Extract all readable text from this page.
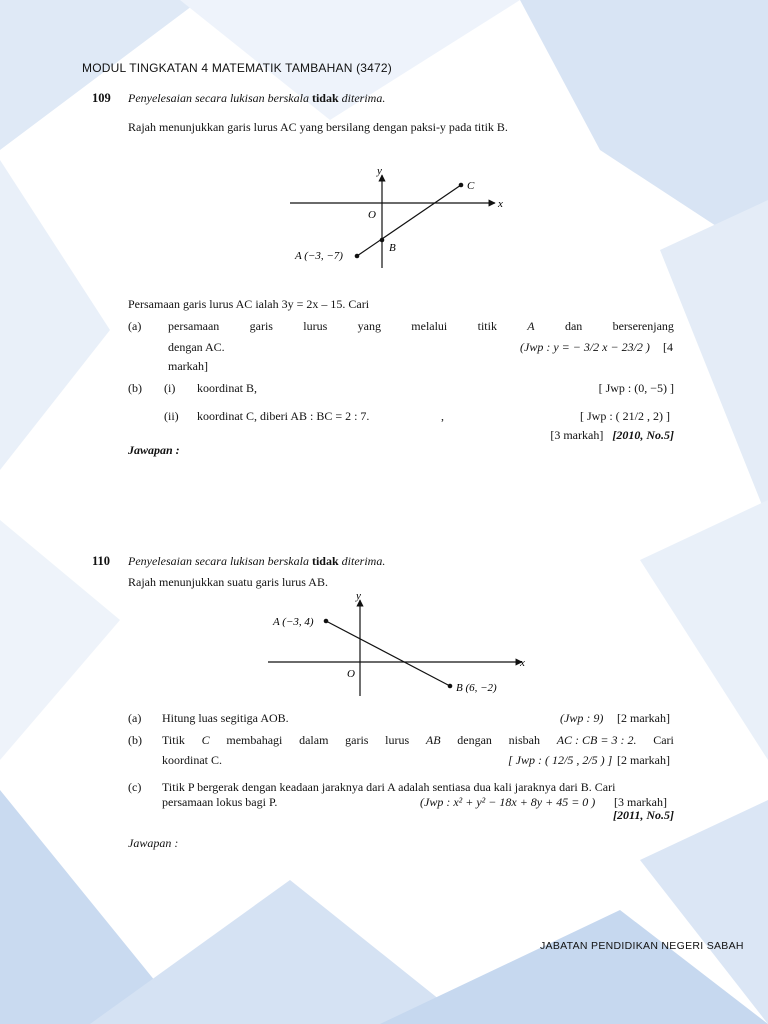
MODUL TINGKATAN 4 MATEMATIK TAMBAHAN (3472)
JABATAN PENDIDIKAN NEGERI SABAH
109 Penyelesaian secara lukisan berskala tidak diterima.
Rajah menunjukkan garis lurus AC yang bersilang dengan paksi-y pada titik B.
y
x
O
C
B
A (−3, −7)
Persamaan garis lurus AC ialah 3y = 2x – 15. Cari
(a) persamaan	garis	lurus	yang	melalui	titik	A	dan	berserenjang
dengan AC.	(Jwp : y = − 3/2 x − 23/2 ) [4
markah]
(b) (i) koordinat B,	[ Jwp : (0, −5) ]
(ii) koordinat C, diberi AB : BC = 2 : 7.	,	[ Jwp : ( 21/2 , 2) ]
[3 markah] [2010, No.5]
Jawapan :
110 Penyelesaian secara lukisan berskala tidak diterima.
Rajah menunjukkan suatu garis lurus AB.
y
x
O
A (−3, 4)
B (6, −2)
(a) Hitung luas segitiga AOB.	(Jwp : 9) [2 markah]
(b) Titik C membahagi dalam garis lurus AB dengan nisbah AC : CB = 3 : 2. Cari
koordinat C.	[ Jwp : ( 12/5 , 2/5 ) ] [2 markah]
(c) Titik P bergerak dengan keadaan jaraknya dari A adalah sentiasa dua kali jaraknya dari B. Cari
persamaan lokus bagi P.	(Jwp : x² + y² − 18x + 8y + 45 = 0 ) [3 markah]
[2011, No.5]
Jawapan :
